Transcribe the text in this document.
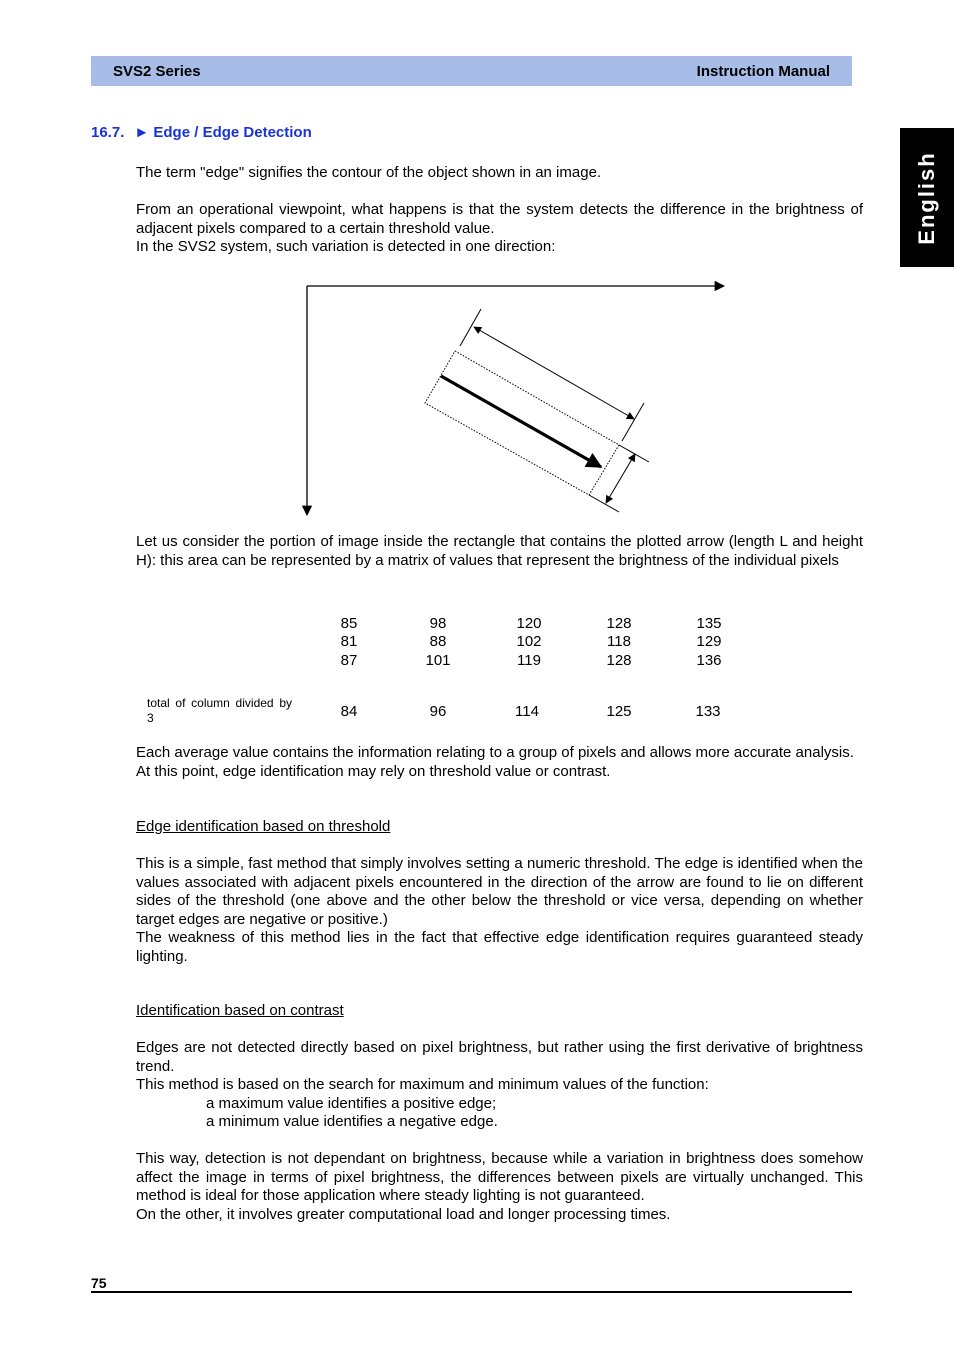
SVS2 Series	Instruction Manual
English
16.7. ► Edge / Edge Detection

The term "edge" signifies the contour of the object shown in an image.

From an operational viewpoint, what happens is that the system detects the difference in the brightness of adjacent pixels compared to a certain threshold value.
In the SVS2 system, such variation is detected in one direction:

Let us consider the portion of image inside the rectangle that contains the plotted arrow (length L and height H): this area can be represented by a matrix of values that represent the brightness of the individual pixels

85	98	120	128	135
81	88	102	118	129
87	101	119	128	136
total of column divided by 3	84	96	114	125	133

Each average value contains the information relating to a group of pixels and allows more accurate analysis.
At this point, edge identification may rely on threshold value or contrast.

Edge identification based on threshold

This is a simple, fast method that simply involves setting a numeric threshold. The edge is identified when the values associated with adjacent pixels encountered in the direction of the arrow are found to lie on different sides of the threshold (one above and the other below the threshold or vice versa, depending on whether target edges are negative or positive.)
The weakness of this method lies in the fact that effective edge identification requires guaranteed steady lighting.

Identification based on contrast

Edges are not detected directly based on pixel brightness, but rather using the first derivative of brightness trend.
This method is based on the search for maximum and minimum values of the function:
a maximum value identifies a positive edge;
a minimum value identifies a negative edge.

This way, detection is not dependant on brightness, because while a variation in brightness does somehow affect the image in terms of pixel brightness, the differences between pixels are virtually unchanged. This method is ideal for those application where steady lighting is not guaranteed.
On the other, it involves greater computational load and longer processing times.

75
